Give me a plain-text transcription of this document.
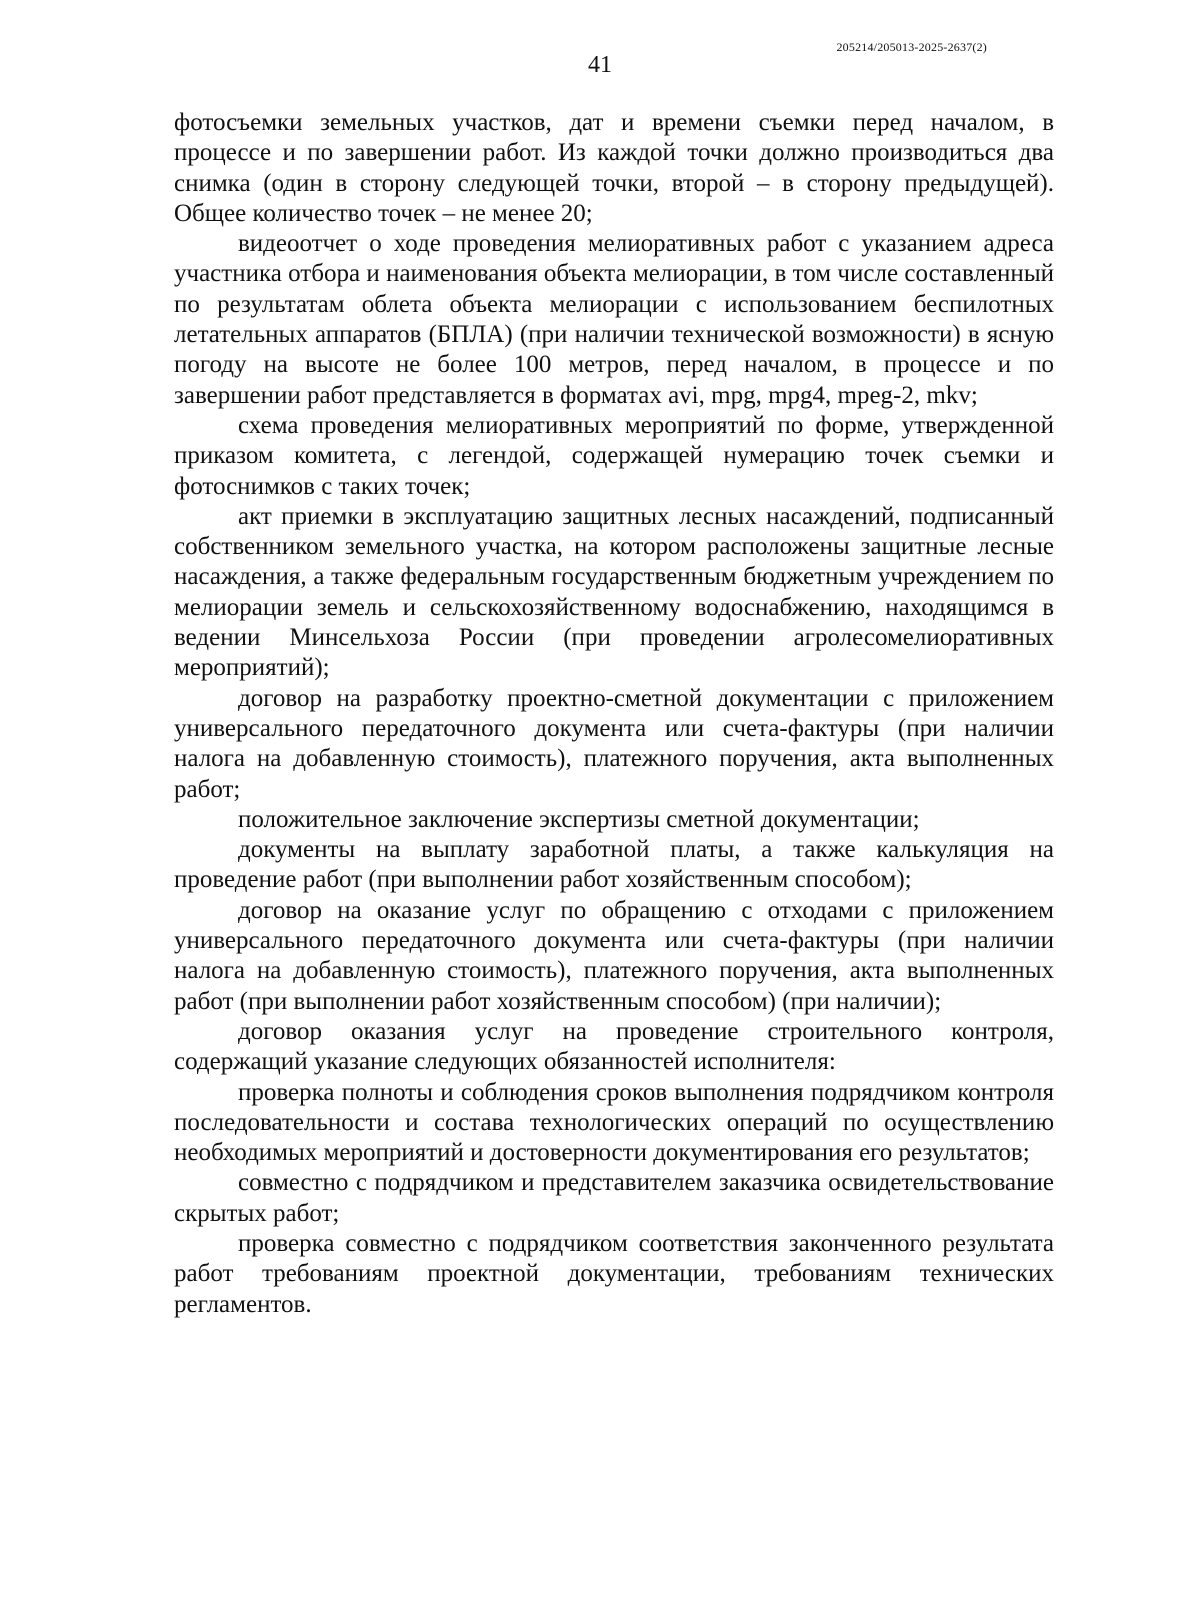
205214/205013-2025-2637(2)
41

фотосъемки земельных участков, дат и времени съемки перед началом, в процессе и по завершении работ. Из каждой точки должно производиться два снимка (один в сторону следующей точки, второй – в сторону предыдущей). Общее количество точек – не менее 20;

видеоотчет о ходе проведения мелиоративных работ с указанием адреса участника отбора и наименования объекта мелиорации, в том числе составленный по результатам облета объекта мелиорации с использованием беспилотных летательных аппаратов (БПЛА) (при наличии технической возможности) в ясную погоду на высоте не более 100 метров, перед началом, в процессе и по завершении работ представляется в форматах avi, mpg, mpg4, mpeg-2, mkv;

схема проведения мелиоративных мероприятий по форме, утвержденной приказом комитета, с легендой, содержащей нумерацию точек съемки и фотоснимков с таких точек;

акт приемки в эксплуатацию защитных лесных насаждений, подписанный собственником земельного участка, на котором расположены защитные лесные насаждения, а также федеральным государственным бюджетным учреждением по мелиорации земель и сельскохозяйственному водоснабжению, находящимся в ведении Минсельхоза России (при проведении агролесомелиоративных мероприятий);

договор на разработку проектно-сметной документации с приложением универсального передаточного документа или счета-фактуры (при наличии налога на добавленную стоимость), платежного поручения, акта выполненных работ;

положительное заключение экспертизы сметной документации;

документы на выплату заработной платы, а также калькуляция на проведение работ (при выполнении работ хозяйственным способом);

договор на оказание услуг по обращению с отходами с приложением универсального передаточного документа или счета-фактуры (при наличии налога на добавленную стоимость), платежного поручения, акта выполненных работ (при выполнении работ хозяйственным способом) (при наличии);

договор оказания услуг на проведение строительного контроля, содержащий указание следующих обязанностей исполнителя:

проверка полноты и соблюдения сроков выполнения подрядчиком контроля последовательности и состава технологических операций по осуществлению необходимых мероприятий и достоверности документирования его результатов;

совместно с подрядчиком и представителем заказчика освидетельствование скрытых работ;

проверка совместно с подрядчиком соответствия законченного результата работ требованиям проектной документации, требованиям технических регламентов.
